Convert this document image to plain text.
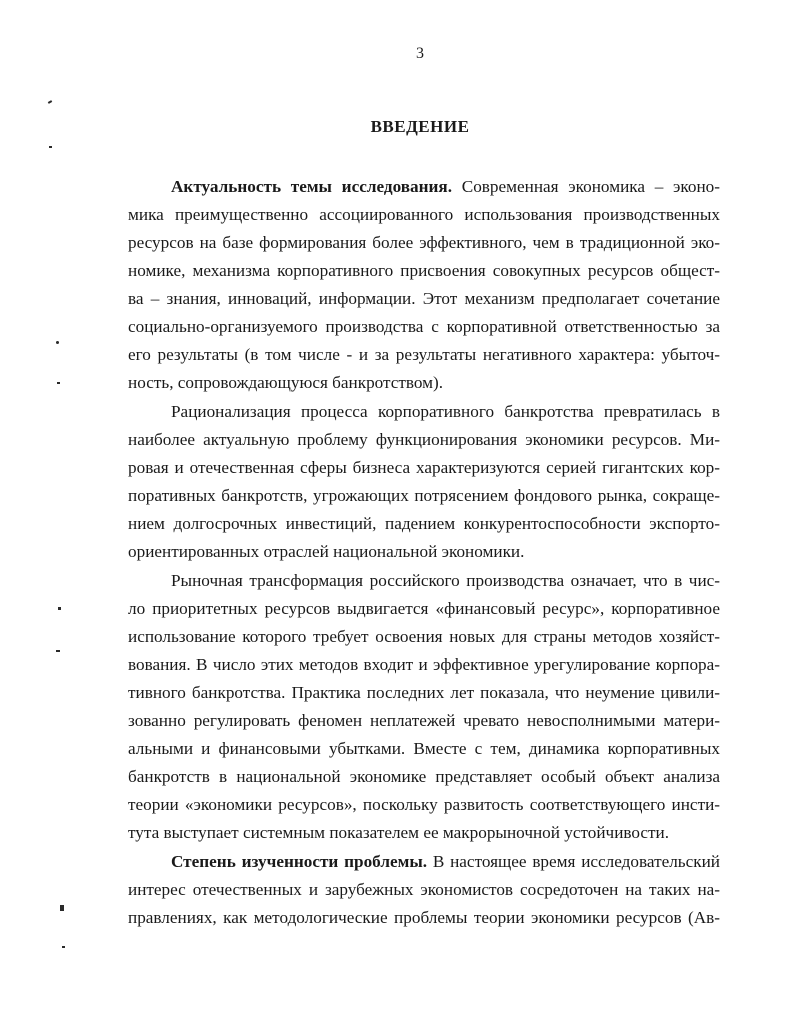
3
ВВЕДЕНИЕ
Актуальность темы исследования. Современная экономика – эконо-
мика преимущественно ассоциированного использования производственных
ресурсов на базе формирования более эффективного, чем в традиционной эко-
номике, механизма корпоративного присвоения совокупных ресурсов общест-
ва – знания, инноваций, информации. Этот механизм предполагает сочетание
социально-организуемого производства с корпоративной ответственностью за
его результаты (в том числе - и за результаты негативного характера: убыточ-
ность, сопровождающуюся банкротством).
Рационализация процесса корпоративного банкротства превратилась в
наиболее актуальную проблему функционирования экономики ресурсов. Ми-
ровая и отечественная сферы бизнеса характеризуются серией гигантских кор-
поративных банкротств, угрожающих потрясением фондового рынка, сокраще-
нием долгосрочных инвестиций, падением конкурентоспособности экспорто-
ориентированных отраслей национальной экономики.
Рыночная трансформация российского производства означает, что в чис-
ло приоритетных ресурсов выдвигается «финансовый ресурс», корпоративное
использование которого требует освоения новых для страны методов хозяйст-
вования. В число этих методов входит и эффективное урегулирование корпора-
тивного банкротства. Практика последних лет показала, что неумение цивили-
зованно регулировать феномен неплатежей чревато невосполнимыми матери-
альными и финансовыми убытками. Вместе с тем, динамика корпоративных
банкротств в национальной экономике представляет особый объект анализа
теории «экономики ресурсов», поскольку развитость соответствующего инсти-
тута выступает системным показателем ее макрорыночной устойчивости.
Степень изученности проблемы. В настоящее время исследовательский
интерес отечественных и зарубежных экономистов сосредоточен на таких на-
правлениях, как методологические проблемы теории экономики ресурсов (Ав-
